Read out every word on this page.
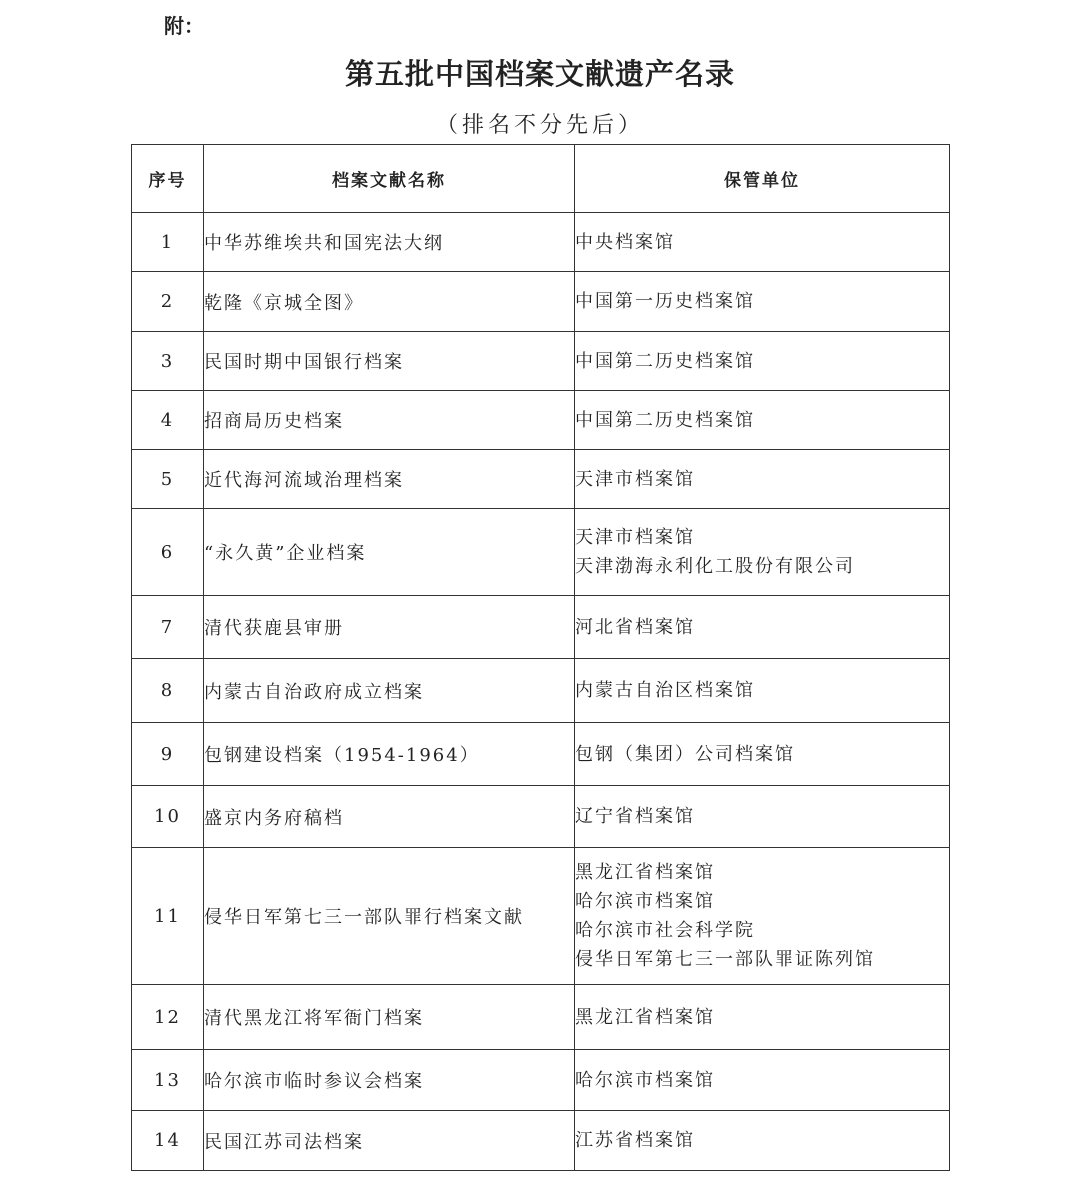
附：
第五批中国档案文献遗产名录
（排名不分先后）
序号	档案文献名称	保管单位
1	中华苏维埃共和国宪法大纲	中央档案馆

2	乾隆《京城全图》	中国第一历史档案馆

3	民国时期中国银行档案	中国第二历史档案馆

4	招商局历史档案	中国第二历史档案馆

5	近代海河流域治理档案	天津市档案馆

6	“永久黄”企业档案	天津市档案馆
天津渤海永利化工股份有限公司

7	清代获鹿县审册	河北省档案馆

8	内蒙古自治政府成立档案	内蒙古自治区档案馆

9	包钢建设档案（1954-1964）	包钢（集团）公司档案馆

10	盛京内务府稿档	辽宁省档案馆

11	侵华日军第七三一部队罪行档案文献	黑龙江省档案馆
哈尔滨市档案馆
哈尔滨市社会科学院
侵华日军第七三一部队罪证陈列馆

12	清代黑龙江将军衙门档案	黑龙江省档案馆

13	哈尔滨市临时参议会档案	哈尔滨市档案馆

14	民国江苏司法档案	江苏省档案馆
